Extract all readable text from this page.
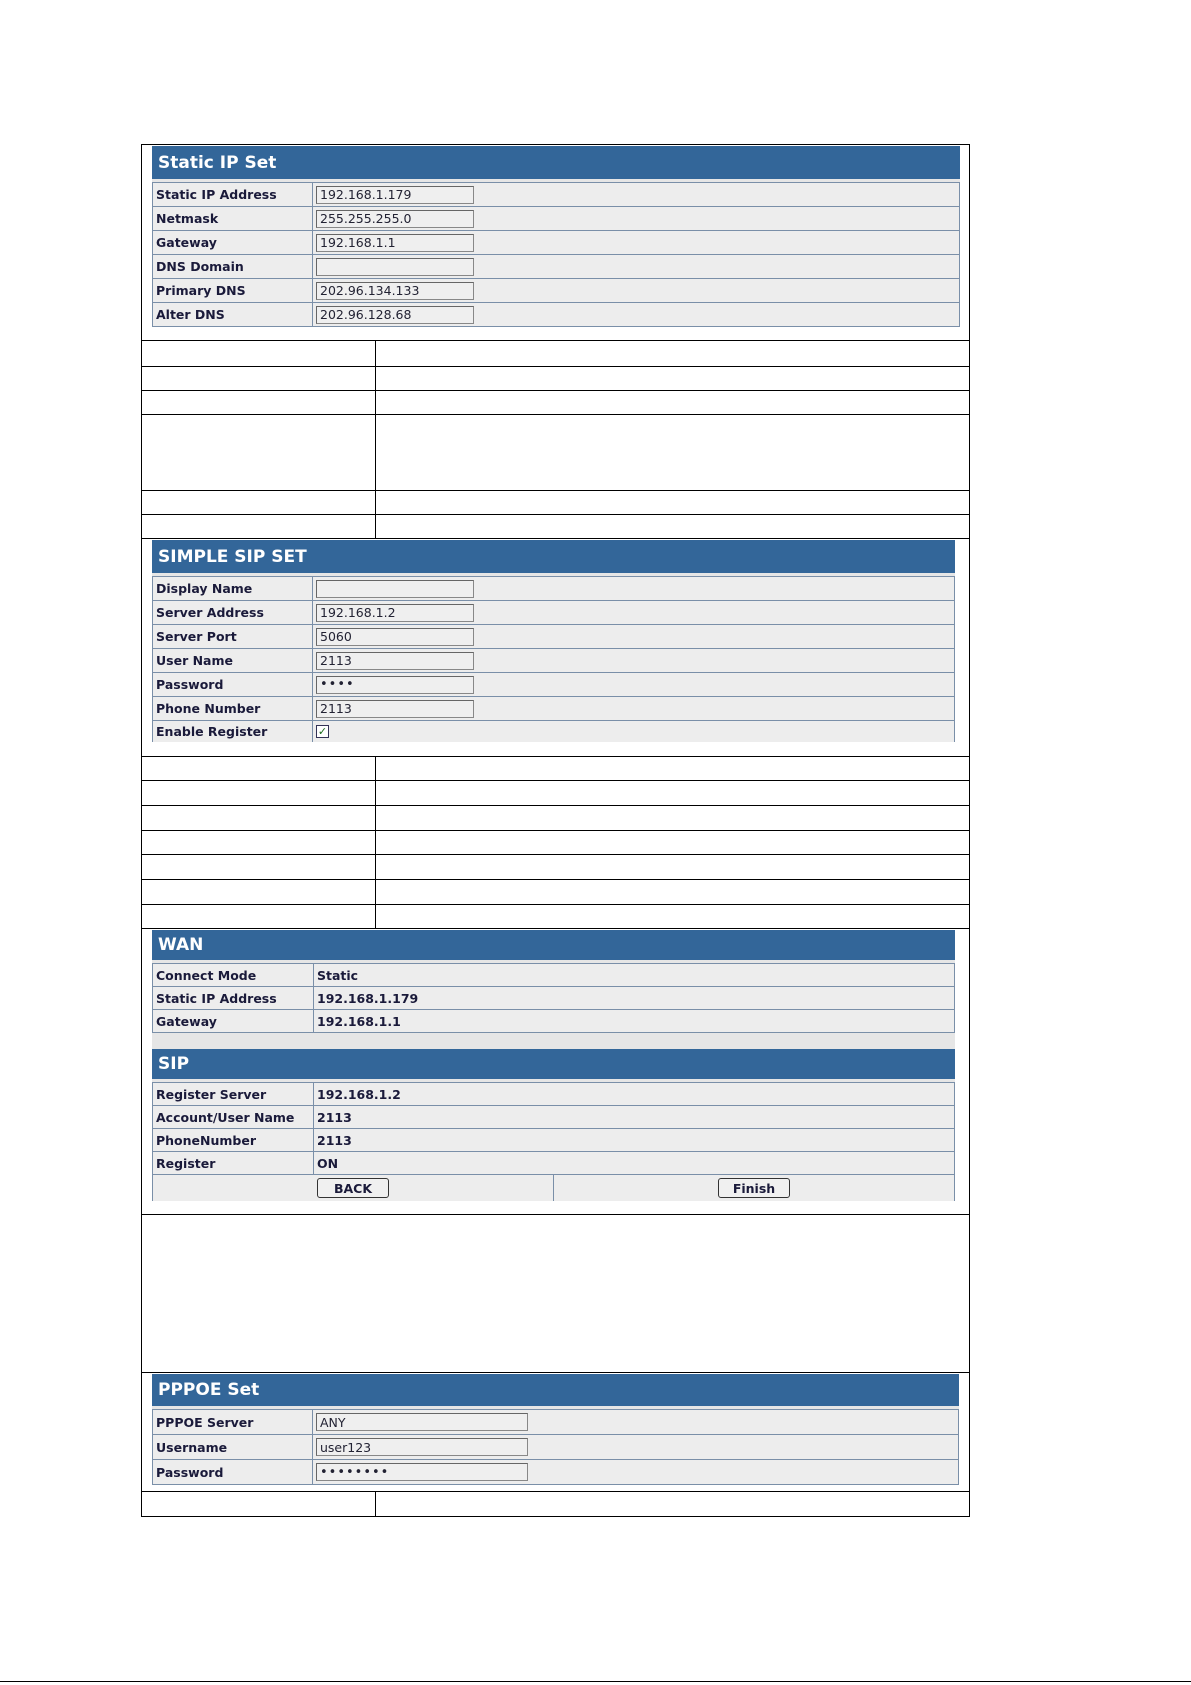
Static IP Set
Static IP Address	192.168.1.179
Netmask	255.255.255.0
Gateway	192.168.1.1
DNS Domain
Primary DNS	202.96.134.133
Alter DNS	202.96.128.68
SIMPLE SIP SET
Display Name
Server Address	192.168.1.2
Server Port	5060
User Name	2113
Password	••••
Phone Number	2113
Enable Register	✓
WAN
Connect Mode	Static
Static IP Address	192.168.1.179
Gateway	192.168.1.1
SIP
Register Server	192.168.1.2
Account/User Name	2113
PhoneNumber	2113
Register	ON
BACK	Finish
PPPOE Set
PPPOE Server	ANY
Username	user123
Password	••••••••
